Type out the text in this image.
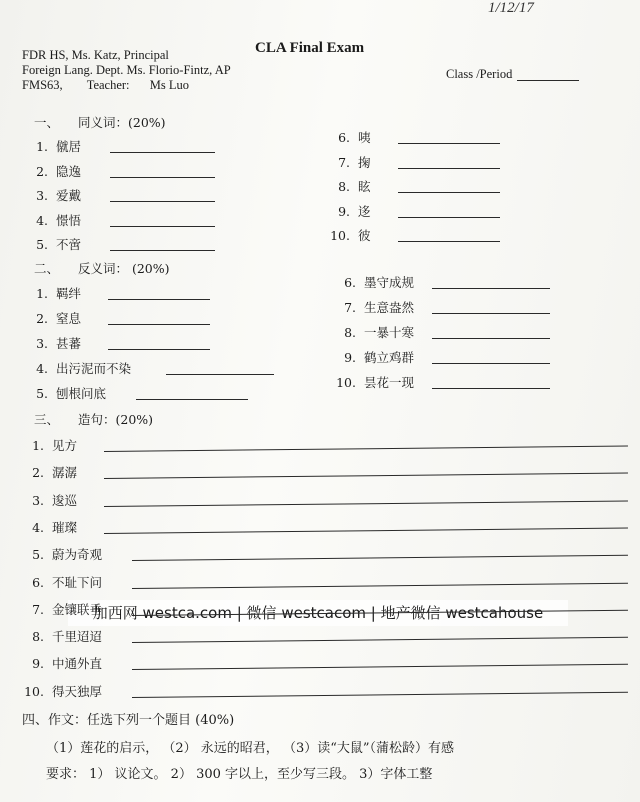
1/12/17
FDR HS, Ms. Katz, Principal
Foreign Lang. Dept. Ms. Florio-Fintz, AP
FMS63, Teacher: Ms Luo
CLA Final Exam
Class /Period
一、 同义词：(20%)
二、 反义词： (20%)
三、 造句：(20%)
四、作文：任选下列一个题目 (40%)
（1）莲花的启示， （2） 永远的昭君， （3）读“大鼠”（蒲松龄）有感
要求： 1） 议论文。 2） 300 字以上，至少写三段。 3）字体工整
加西网 westca.com | 微信 westcacom | 地产微信 westcahouse
1. 僦居
2. 隐逸
3. 爱戴
4. 憬悟
5. 不啻
6. 咦
7. 掬
8. 眩
9. 迻
10. 彼
1. 羁绊
2. 窒息
3. 甚蕃
4. 出污泥而不染
5. 刨根问底
6. 墨守成规
7. 生意盎然
8. 一暴十寒
9. 鹤立鸡群
10. 昙花一现
1. 见方
2. 潺潺
3. 逡巡
4. 璀璨
5. 蔚为奇观
6. 不耻下问
7. 金镶联垂
8. 千里迢迢
9. 中通外直
10. 得天独厚
